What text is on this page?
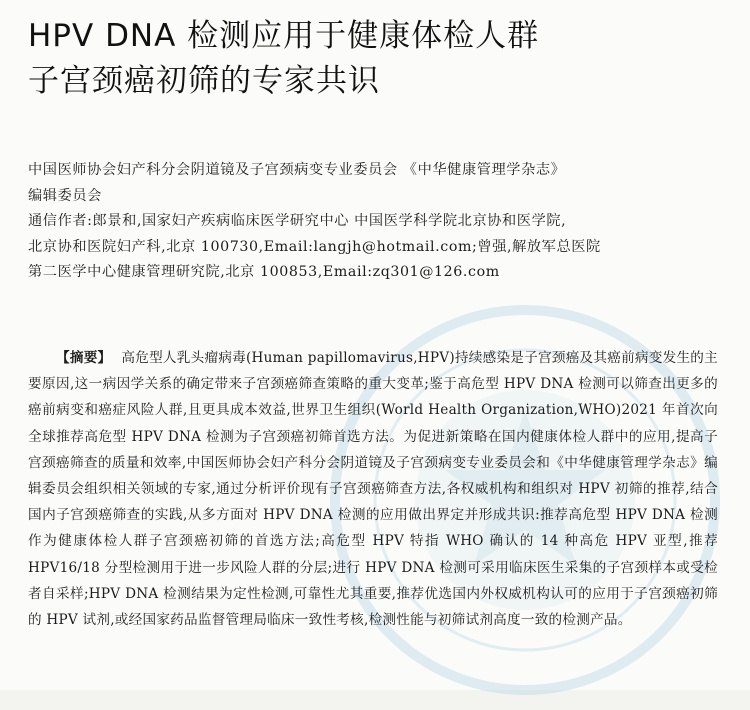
HPV DNA 检测应用于健康体检人群
子宫颈癌初筛的专家共识
中国医师协会妇产科分会阴道镜及子宫颈病变专业委员会 《中华健康管理学杂志》
编辑委员会
通信作者:郎景和,国家妇产疾病临床医学研究中心 中国医学科学院北京协和医学院,
北京协和医院妇产科,北京 100730,Email:langjh@hotmail.com;曾强,解放军总医院
第二医学中心健康管理研究院,北京 100853,Email:zq301@126.com
【摘要】 高危型人乳头瘤病毒(Human papillomavirus,HPV)持续感染是子宫颈癌及其癌前病变发生的主要原因,这一病因学关系的确定带来子宫颈癌筛查策略的重大变革;鉴于高危型 HPV DNA 检测可以筛查出更多的癌前病变和癌症风险人群,且更具成本效益,世界卫生组织(World Health Organization,WHO)2021 年首次向全球推荐高危型 HPV DNA 检测为子宫颈癌初筛首选方法。为促进新策略在国内健康体检人群中的应用,提高子宫颈癌筛查的质量和效率,中国医师协会妇产科分会阴道镜及子宫颈病变专业委员会和《中华健康管理学杂志》编辑委员会组织相关领域的专家,通过分析评价现有子宫颈癌筛查方法,各权威机构和组织对 HPV 初筛的推荐,结合国内子宫颈癌筛查的实践,从多方面对 HPV DNA 检测的应用做出界定并形成共识:推荐高危型 HPV DNA 检测作为健康体检人群子宫颈癌初筛的首选方法;高危型 HPV 特指 WHO 确认的 14 种高危 HPV 亚型,推荐 HPV16/18 分型检测用于进一步风险人群的分层;进行 HPV DNA 检测可采用临床医生采集的子宫颈样本或受检者自采样;HPV DNA 检测结果为定性检测,可靠性尤其重要,推荐优选国内外权威机构认可的应用于子宫颈癌初筛的 HPV 试剂,或经国家药品监督管理局临床一致性考核,检测性能与初筛试剂高度一致的检测产品。
